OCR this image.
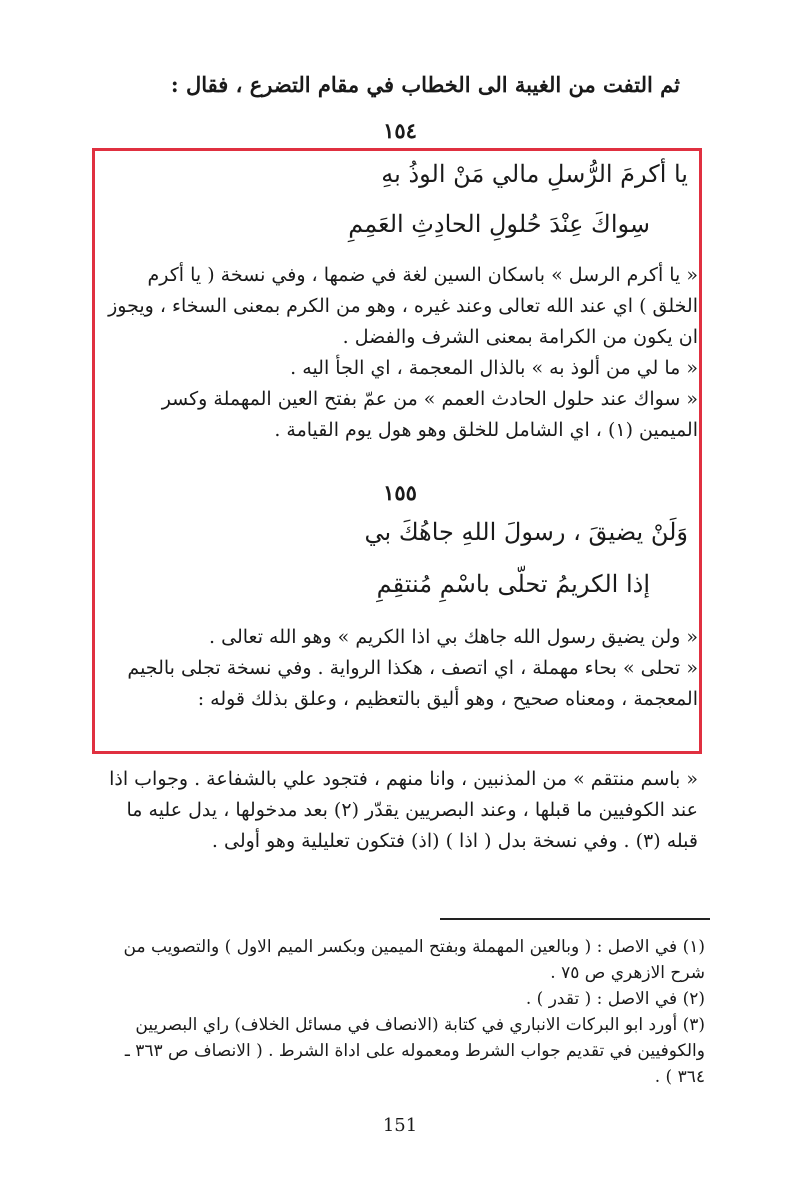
ثم التفت من الغيبة الى الخطاب في مقام التضرع ، فقال :
١٥٤
يا أكرمَ الرُّسلِ مالي مَنْ الوذُ بهِ
سِواكَ عِنْدَ حُلولِ الحادِثِ العَمِمِ

« يا أكرم الرسل » باسكان السين لغة في ضمها ، وفي نسخة ( يا أكرم الخلق ) اي عند الله تعالى وعند غيره ، وهو من الكرم بمعنى السخاء ، ويجوز ان يكون من الكرامة بمعنى الشرف والفضل .

« ما لي من ألوذ به » بالذال المعجمة ، اي الجأ اليه .

« سواك عند حلول الحادث العمم » من عمّ بفتح العين المهملة وكسر الميمين (١) ، اي الشامل للخلق وهو هول يوم القيامة .

١٥٥
وَلَنْ يضيقَ ، رسولَ اللهِ جاهُكَ بي
إذا الكريمُ تحلّى باسْمِ مُنتقِمِ

« ولن يضيق رسول الله جاهك بي اذا الكريم » وهو الله تعالى .

« تحلى » بحاء مهملة ، اي اتصف ، هكذا الرواية . وفي نسخة تجلى بالجيم المعجمة ، ومعناه صحيح ، وهو أليق بالتعظيم ، وعلق بذلك قوله :

« باسم منتقم » من المذنبين ، وانا منهم ، فتجود علي بالشفاعة . وجواب اذا عند الكوفيين ما قبلها ، وعند البصريين يقدّر (٢) بعد مدخولها ، يدل عليه ما قبله (٣) . وفي نسخة بدل ( اذا ) (اذ) فتكون تعليلية وهو أولى .

(١) في الاصل : ( وبالعين المهملة وبفتح الميمين وبكسر الميم الاول ) والتصويب من شرح الازهري ص ٧٥ .

(٢) في الاصل : ( تقدر ) .

(٣) أورد ابو البركات الانباري في كتابة (الانصاف في مسائل الخلاف) راي البصريين والكوفيين في تقديم جواب الشرط ومعموله على اداة الشرط . ( الانصاف ص ٣٦٣ ـ ٣٦٤ ) .

151
